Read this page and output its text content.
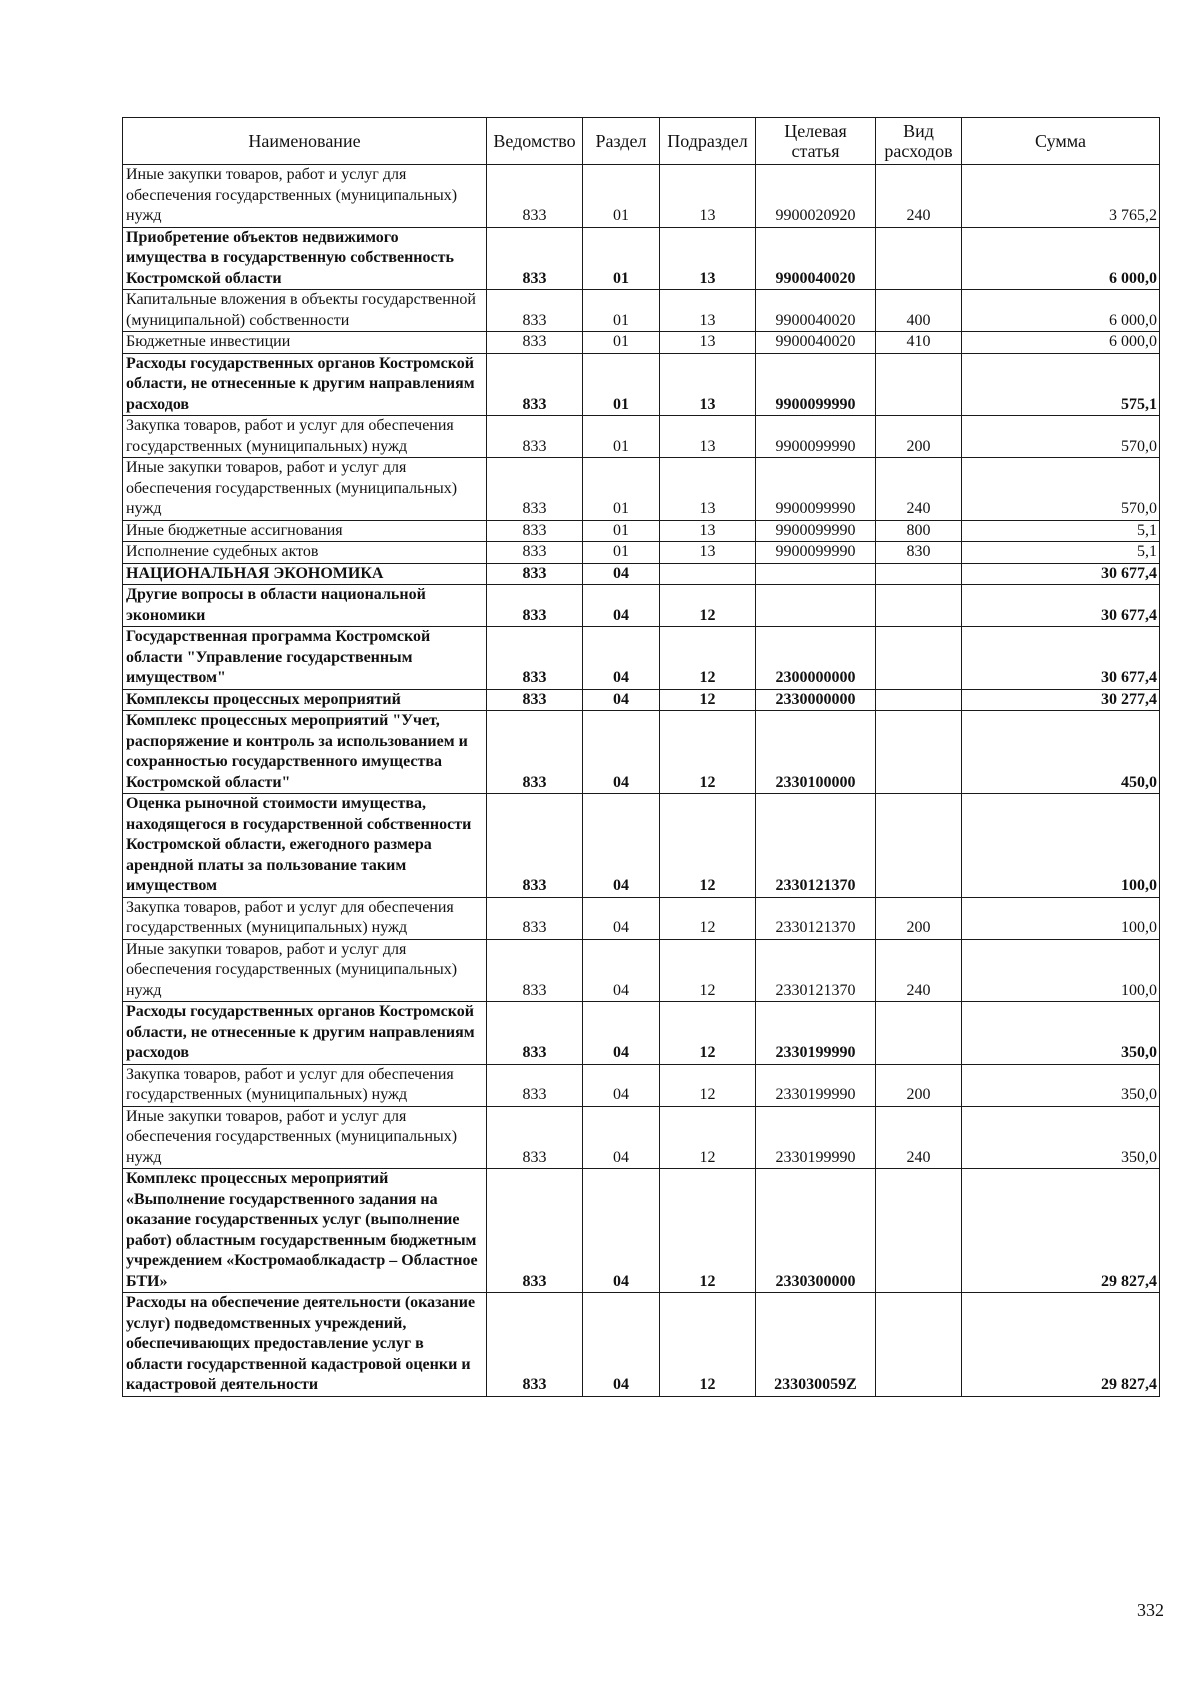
Наименование	Ведомство	Раздел	Подраздел	Целевая статья	Вид расходов	Сумма
Иные закупки товаров, работ и услуг для обеспечения государственных (муниципальных) нужд	833	01	13	9900020920	240	3 765,2
Приобретение объектов недвижимого имущества в государственную собственность Костромской области	833	01	13	9900040020		6 000,0
Капитальные вложения в объекты государственной (муниципальной) собственности	833	01	13	9900040020	400	6 000,0
Бюджетные инвестиции	833	01	13	9900040020	410	6 000,0
Расходы государственных органов Костромской области, не отнесенные к другим направлениям расходов	833	01	13	9900099990		575,1
Закупка товаров, работ и услуг для обеспечения государственных (муниципальных) нужд	833	01	13	9900099990	200	570,0
Иные закупки товаров, работ и услуг для обеспечения государственных (муниципальных) нужд	833	01	13	9900099990	240	570,0
Иные бюджетные ассигнования	833	01	13	9900099990	800	5,1
Исполнение судебных актов	833	01	13	9900099990	830	5,1
НАЦИОНАЛЬНАЯ ЭКОНОМИКА	833	04				30 677,4
Другие вопросы в области национальной экономики	833	04	12			30 677,4
Государственная программа Костромской области "Управление государственным имуществом"	833	04	12	2300000000		30 677,4
Комплексы процессных мероприятий	833	04	12	2330000000		30 277,4
Комплекс процессных мероприятий "Учет, распоряжение и контроль за использованием и сохранностью государственного имущества Костромской области"	833	04	12	2330100000		450,0
Оценка рыночной стоимости имущества, находящегося в государственной собственности Костромской области, ежегодного размера арендной платы за пользование таким имуществом	833	04	12	2330121370		100,0
Закупка товаров, работ и услуг для обеспечения государственных (муниципальных) нужд	833	04	12	2330121370	200	100,0
Иные закупки товаров, работ и услуг для обеспечения государственных (муниципальных) нужд	833	04	12	2330121370	240	100,0
Расходы государственных органов Костромской области, не отнесенные к другим направлениям расходов	833	04	12	2330199990		350,0
Закупка товаров, работ и услуг для обеспечения государственных (муниципальных) нужд	833	04	12	2330199990	200	350,0
Иные закупки товаров, работ и услуг для обеспечения государственных (муниципальных) нужд	833	04	12	2330199990	240	350,0
Комплекс процессных мероприятий «Выполнение государственного задания на оказание государственных услуг (выполнение работ) областным государственным бюджетным учреждением «Костромаоблкадастр – Областное БТИ»	833	04	12	2330300000		29 827,4
Расходы на обеспечение деятельности (оказание услуг) подведомственных учреждений, обеспечивающих предоставление услуг в области государственной кадастровой оценки и кадастровой деятельности	833	04	12	233030059Z		29 827,4
332
